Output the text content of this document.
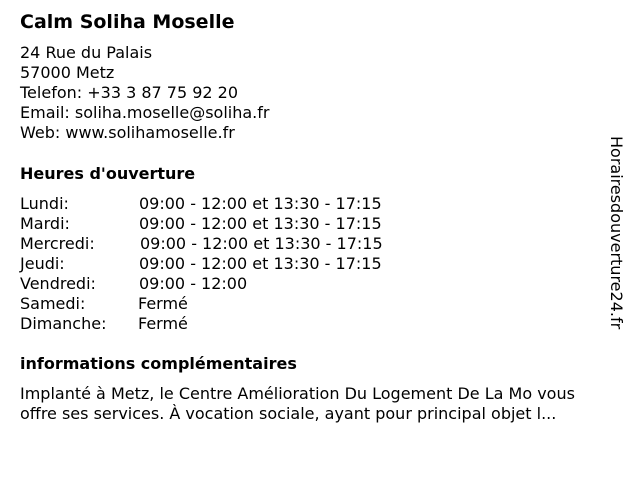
Calm Soliha Moselle
24 Rue du Palais
57000 Metz
Telefon: +33 3 87 75 92 20
Email: soliha.moselle@soliha.fr
Web: www.solihamoselle.fr
Heures d'ouverture
Lundi:	09:00 - 12:00 et 13:30 - 17:15
Mardi:	09:00 - 12:00 et 13:30 - 17:15
Mercredi:	09:00 - 12:00 et 13:30 - 17:15
Jeudi:	09:00 - 12:00 et 13:30 - 17:15
Vendredi:	09:00 - 12:00
Samedi:	Fermé
Dimanche: Fermé
informations complémentaires
Implanté à Metz, le Centre Amélioration Du Logement De La Mo vous
offre ses services. À vocation sociale, ayant pour principal objet l...
Horairesdouverture24.fr
